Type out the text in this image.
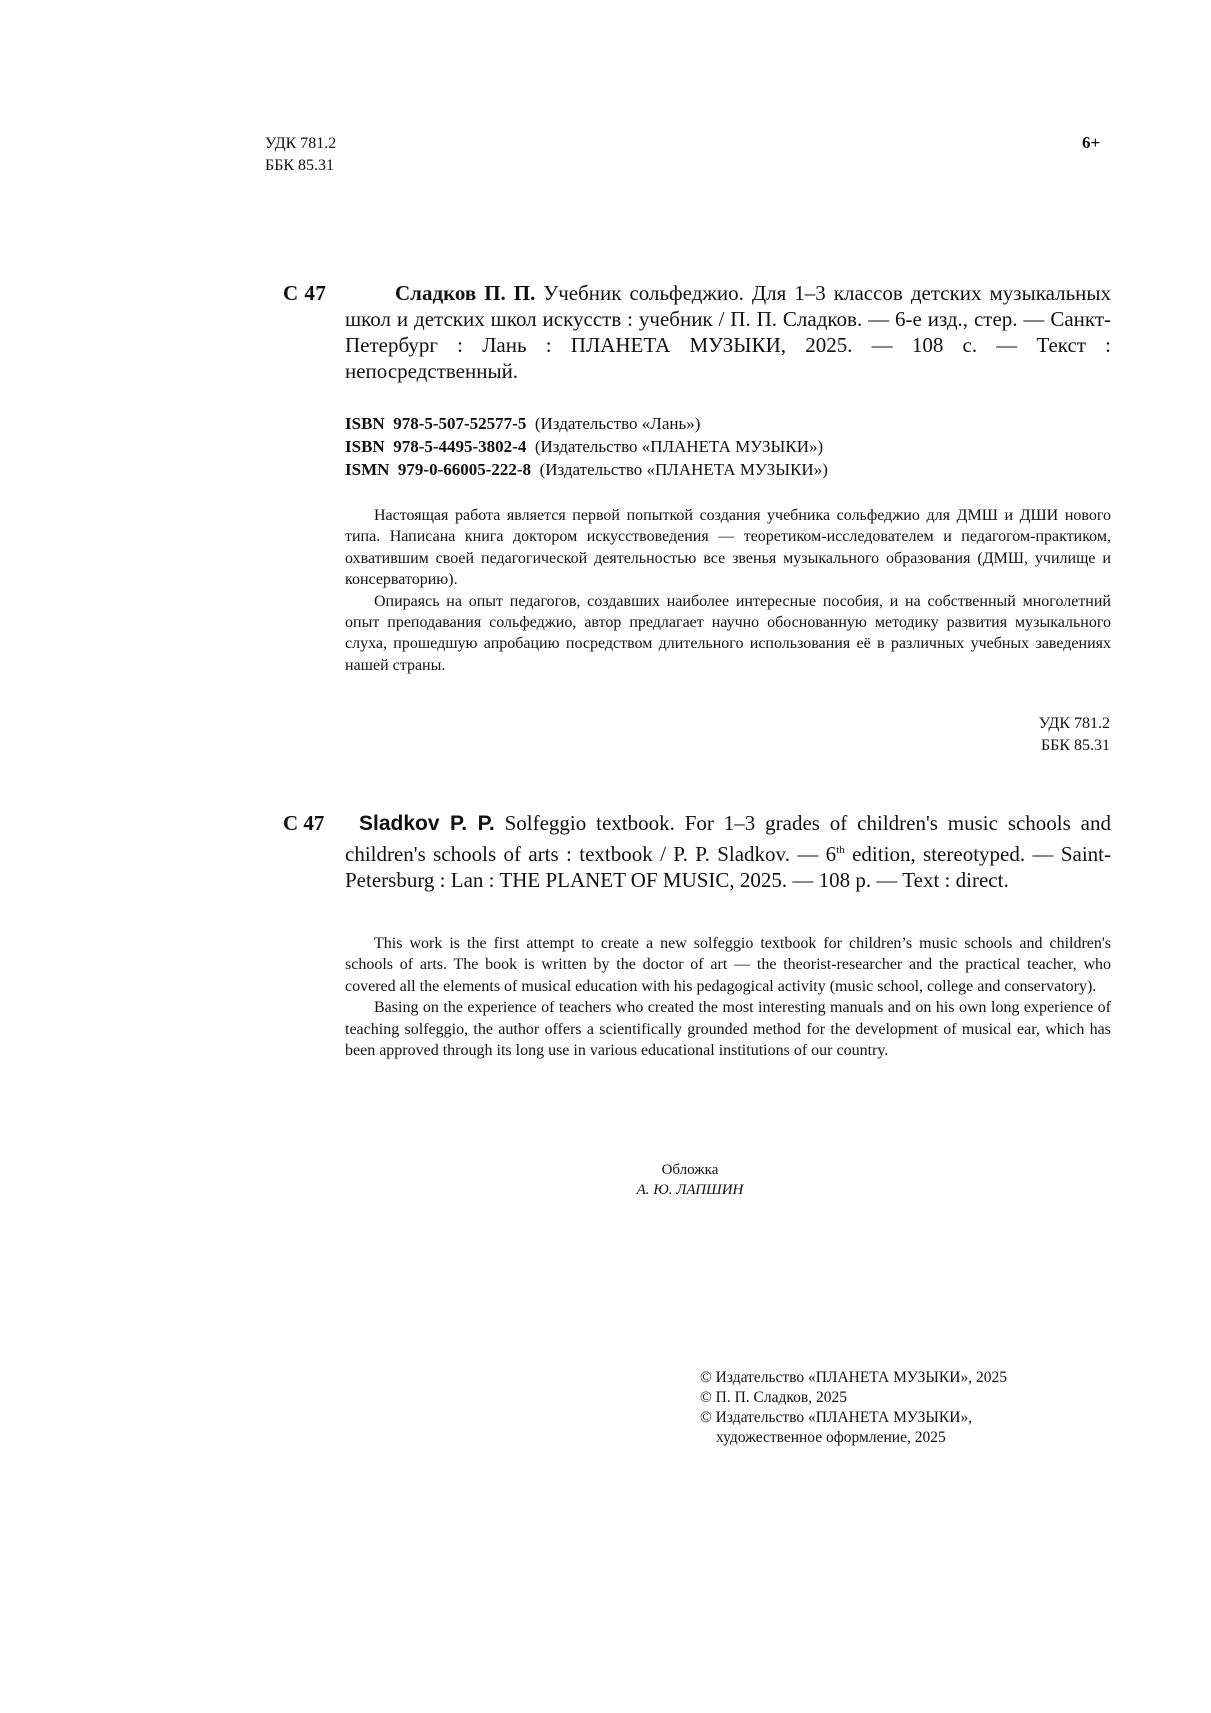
УДК 781.2
ББК 85.31
6+
С 47	Сладков П. П. Учебник сольфеджио. Для 1–3 классов детских музыкальных школ и детских школ искусств : учебник / П. П. Сладков. — 6-е изд., стер. — Санкт-Петербург : Лань : ПЛАНЕТА МУЗЫКИ, 2025. — 108 с. — Текст : непосредственный.
ISBN 978-5-507-52577-5 (Издательство «Лань»)
ISBN 978-5-4495-3802-4 (Издательство «ПЛАНЕТА МУЗЫКИ»)
ISMN 979-0-66005-222-8 (Издательство «ПЛАНЕТА МУЗЫКИ»)

Настоящая работа является первой попыткой создания учебника сольфеджио для ДМШ и ДШИ нового типа. Написана книга доктором искусствоведения — теоретиком-исследователем и педагогом-практиком, охватившим своей педагогической деятельностью все звенья музыкального образования (ДМШ, училище и консерваторию).

Опираясь на опыт педагогов, создавших наиболее интересные пособия, и на собственный многолетний опыт преподавания сольфеджио, автор предлагает научно обоснованную методику развития музыкального слуха, прошедшую апробацию посредством длительного использования её в различных учебных заведениях нашей страны.

УДК 781.2
ББК 85.31
С 47	Sladkov P. P. Solfeggio textbook. For 1–3 grades of children's music schools and children's schools of arts : textbook / P. P. Sladkov. — 6th edition, stereotyped. — Saint-Petersburg : Lan : THE PLANET OF MUSIC, 2025. — 108 p. — Text : direct.

This work is the first attempt to create a new solfeggio textbook for children’s music schools and children's schools of arts. The book is written by the doctor of art — the theorist-researcher and the practical teacher, who covered all the elements of musical education with his pedagogical activity (music school, college and conservatory).

Basing on the experience of teachers who created the most interesting manuals and on his own long experience of teaching solfeggio, the author offers a scientifically grounded method for the development of musical ear, which has been approved through its long use in various educational institutions of our country.

Обложка
А. Ю. ЛАПШИН
© Издательство «ПЛАНЕТА МУЗЫКИ», 2025
© П. П. Сладков, 2025
© Издательство «ПЛАНЕТА МУЗЫКИ»,
художественное оформление, 2025
